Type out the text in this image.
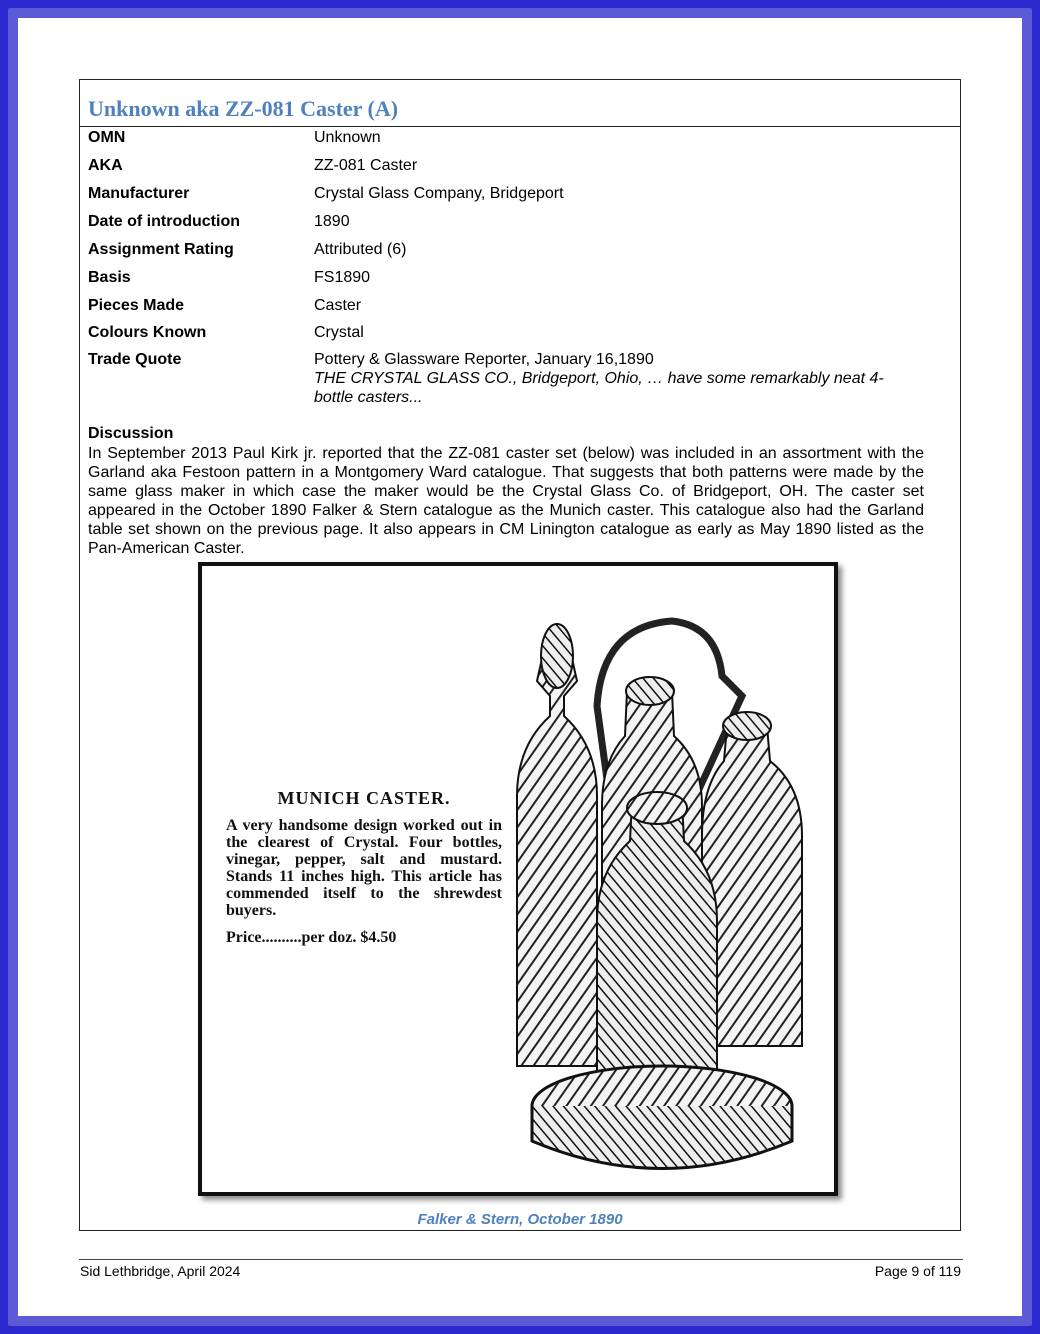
Unknown aka ZZ-081 Caster (A)
OMN	Unknown
AKA	ZZ-081 Caster
Manufacturer	Crystal Glass Company, Bridgeport
Date of introduction	1890
Assignment Rating	Attributed (6)
Basis	FS1890
Pieces Made	Caster
Colours Known	Crystal
Trade Quote	Pottery & Glassware Reporter, January 16,1890
THE CRYSTAL GLASS CO., Bridgeport, Ohio, … have some remarkably neat 4-bottle casters...
Discussion
In September 2013 Paul Kirk jr. reported that the ZZ-081 caster set (below) was included in an assortment with the Garland aka Festoon pattern in a Montgomery Ward catalogue. That suggests that both patterns were made by the same glass maker in which case the maker would be the Crystal Glass Co. of Bridgeport, OH. The caster set appeared in the October 1890 Falker & Stern catalogue as the Munich caster. This catalogue also had the Garland table set shown on the previous page. It also appears in CM Linington catalogue as early as May 1890 listed as the Pan-American Caster.
MUNICH CASTER.
A very handsome design worked out in the clearest of Crystal. Four bottles, vinegar, pepper, salt and mustard. Stands 11 inches high. This article has commended itself to the shrewdest buyers.
Price..........per doz. $4.50
Falker & Stern, October 1890
Sid Lethbridge, April 2024	Page 9 of 119
